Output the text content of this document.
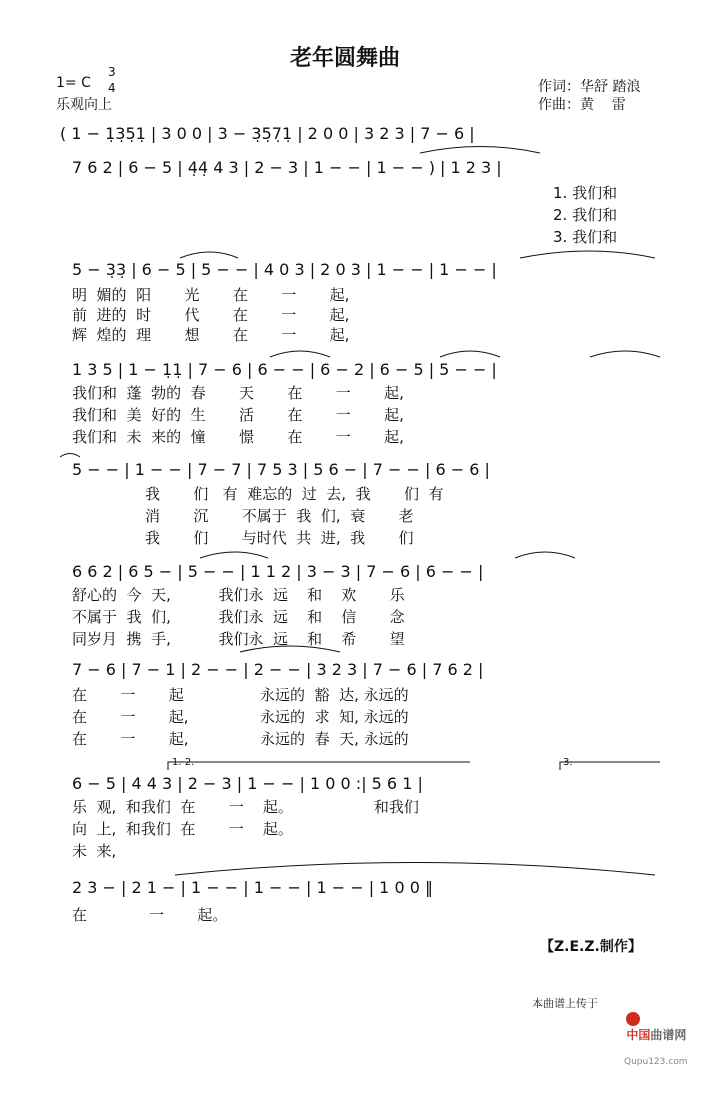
老年圆舞曲
1= C
3
4
乐观向上
作词：华舒 踏浪
作曲：黄    雷
( 1 − 1̣3̣5̣1̣ | 3 0 0 | 3 − 3̣5̣7̣1̣ | 2 0 0 | 3 2 3 | 7 − 6 |
7 6 2 | 6 − 5 | 4̣4̣ 4 3 | 2 − 3 | 1 − − | 1 − − ) | 1 2 3 |
1. 我们和
2. 我们和
3. 我们和
5 − 3̣3̣ | 6 − 5 | 5 − − | 4 0 3 | 2 0 3 | 1 − − | 1 − − |
明  媚的  阳       光       在       一       起,
前  进的  时       代       在       一       起,
辉  煌的  理       想       在       一       起,
1 3 5 | 1 − 1̣1̣ | 7 − 6 | 6 − − | 6 − 2 | 6 − 5 | 5 − − |
我们和  蓬  勃的  春       天       在       一       起,
我们和  美  好的  生       活       在       一       起,
我们和  未  来的  憧       憬       在       一       起,
5 − − | 1 − − | 7 − 7 | 7 5 3 | 5 6 − | 7 − − | 6 − 6 |
我       们   有  难忘的  过  去,  我       们  有
消       沉       不属于  我  们,  衰       老
我       们       与时代  共  进,  我       们
6 6 2 | 6 5 − | 5 − − | 1 1 2 | 3 − 3 | 7 − 6 | 6 − − |
舒心的  今  天,          我们永  远    和    欢       乐
不属于  我  们,          我们永  远    和    信       念
同岁月  携  手,          我们永  远    和    希       望
7 − 6 | 7 − 1 | 2 − − | 2 − − | 3 2 3 | 7 − 6 | 7 6 2 |
在       一       起                永远的  豁  达, 永远的
在       一       起,               永远的  求  知, 永远的
在       一       起,               永远的  春  天, 永远的
1. 2.	3.
6 − 5 | 4 4 3 | 2 − 3 | 1 − − | 1 0 0 :| 5 6 1 |
乐  观,  和我们  在       一    起。                 和我们
向  上,  和我们  在       一    起。
未  来,
2 3 − | 2 1 − | 1 − − | 1 − − | 1 − − | 1 0 0 ‖
在             一       起。
【Z.E.Z.制作】
本曲谱上传于

中国曲谱网

Qupu123.com
